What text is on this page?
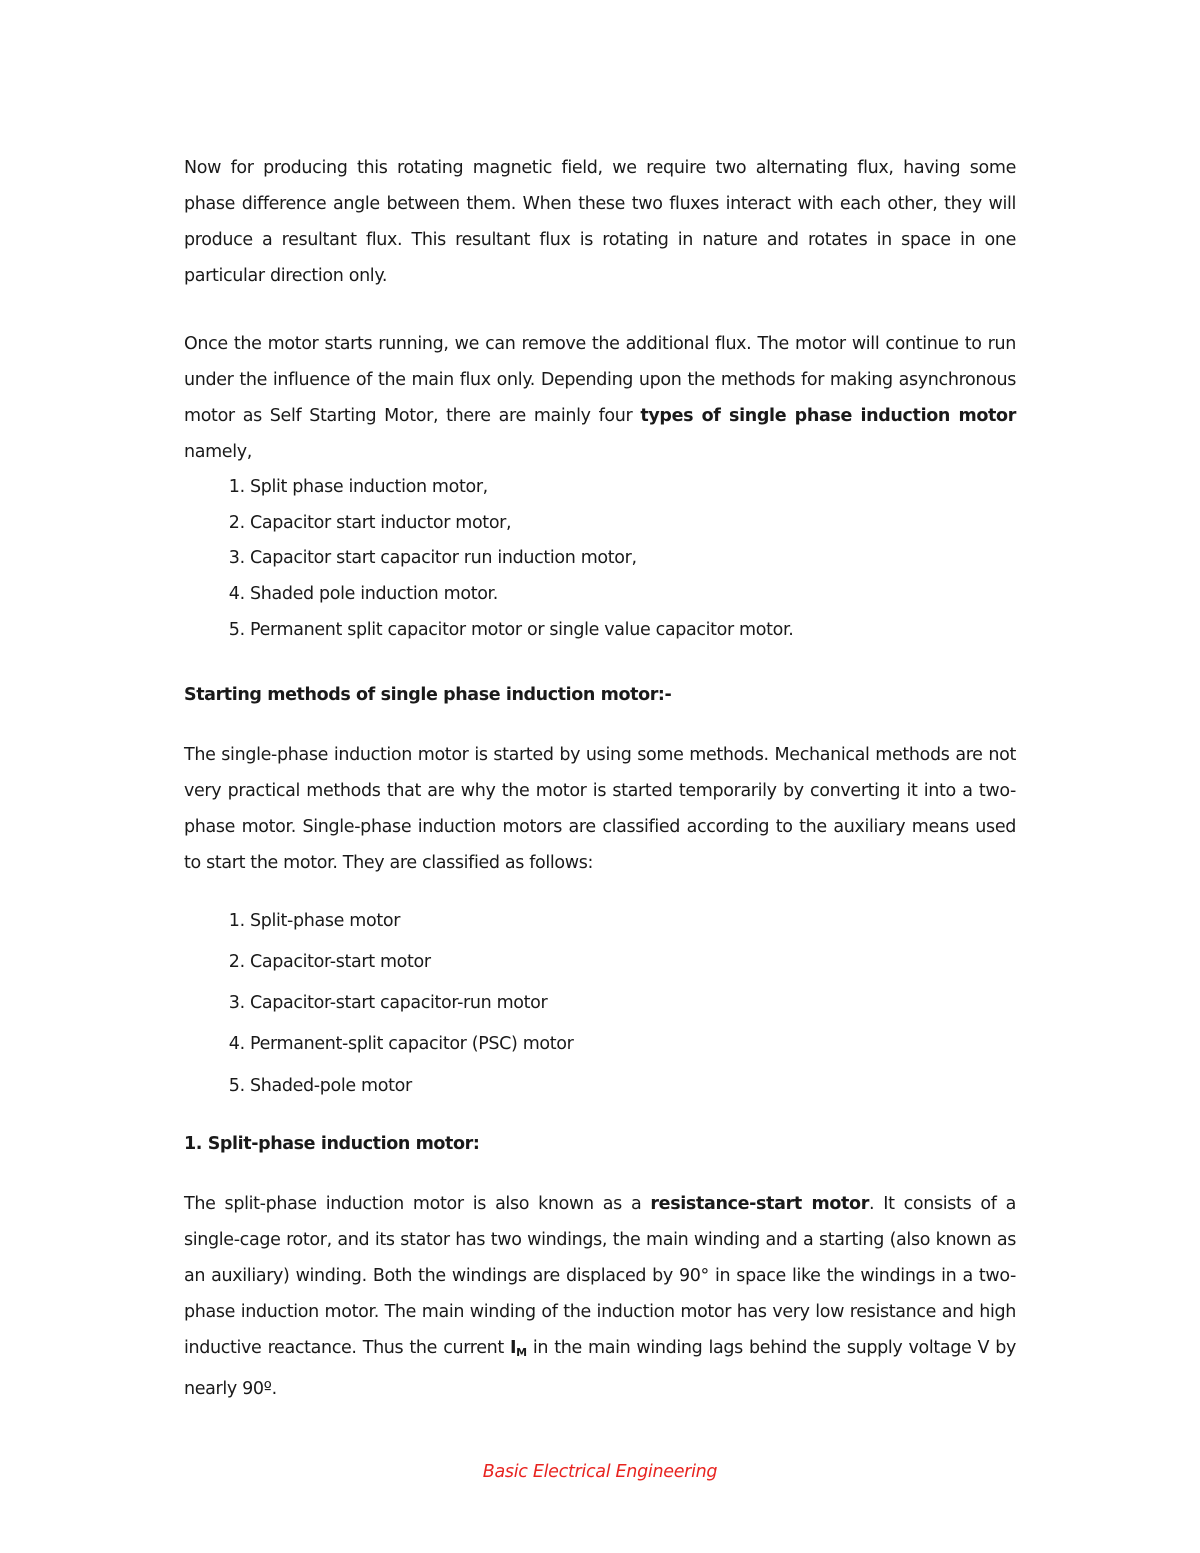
Now for producing this rotating magnetic field, we require two alternating flux, having some phase difference angle between them. When these two fluxes interact with each other, they will produce a resultant flux. This resultant flux is rotating in nature and rotates in space in one particular direction only.

Once the motor starts running, we can remove the additional flux. The motor will continue to run under the influence of the main flux only. Depending upon the methods for making asynchronous motor as Self Starting Motor, there are mainly four types of single phase induction motor namely,

1. Split phase induction motor,
2. Capacitor start inductor motor,
3. Capacitor start capacitor run induction motor,
4. Shaded pole induction motor.
5. Permanent split capacitor motor or single value capacitor motor.

Starting methods of single phase induction motor:-

The single-phase induction motor is started by using some methods. Mechanical methods are not very practical methods that are why the motor is started temporarily by converting it into a two-phase motor. Single-phase induction motors are classified according to the auxiliary means used to start the motor. They are classified as follows:

1. Split-phase motor
2. Capacitor-start motor
3. Capacitor-start capacitor-run motor
4. Permanent-split capacitor (PSC) motor
5. Shaded-pole motor

1. Split-phase induction motor:

The split-phase induction motor is also known as a resistance-start motor. It consists of a single-cage rotor, and its stator has two windings, the main winding and a starting (also known as an auxiliary) winding. Both the windings are displaced by 90° in space like the windings in a two-phase induction motor. The main winding of the induction motor has very low resistance and high inductive reactance. Thus the current $I_M$ in the main winding lags behind the supply voltage V by nearly 90º.

Basic Electrical Engineering
